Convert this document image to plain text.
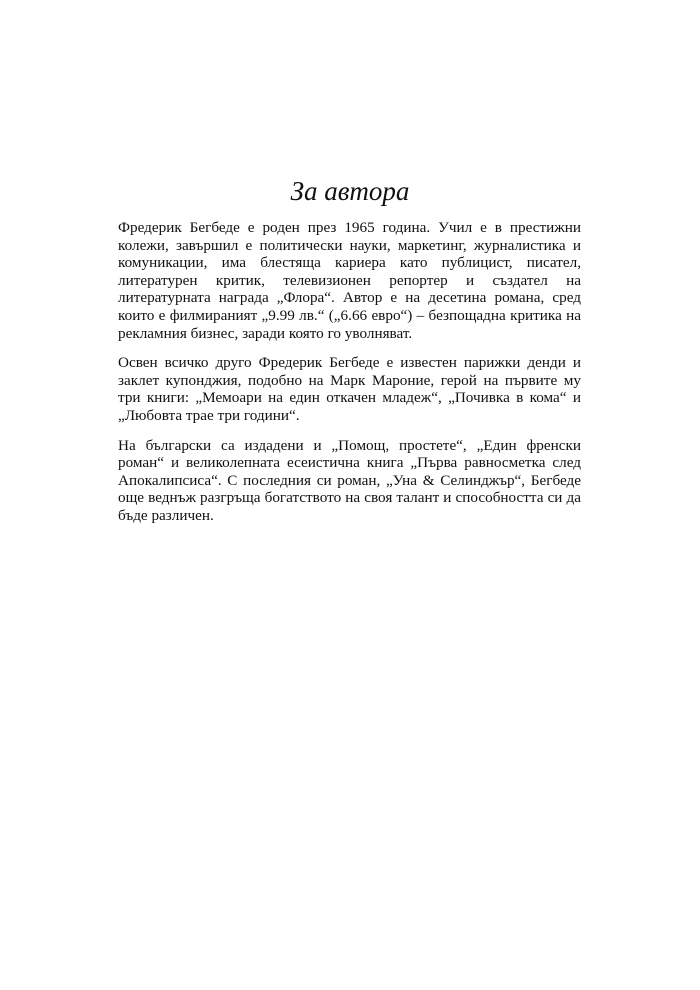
За автора

Фредерик Бегбеде е роден през 1965 година. Учил е в престижни колежи, завършил е политически науки, маркетинг, журналистика и комуникации, има блестяща кариера като публицист, писател, литературен критик, телевизионен репортер и създател на литературната награда „Флора“. Автор е на десетина романа, сред които е филмираният „9.99 лв.“ („6.66 евро“) – безпощадна критика на рекламния бизнес, заради която го уволняват.

Освен всичко друго Фредерик Бегбеде е известен парижки денди и заклет купонджия, подобно на Марк Мароние, герой на първите му три книги: „Мемоари на един откачен младеж“, „Почивка в кома“ и „Любовта трае три години“.

На български са издадени и „Помощ, простете“, „Един френски роман“ и великолепната есеистична книга „Първа равносметка след Апокалипсиса“. С последния си роман, „Уна & Селинджър“, Бегбеде още веднъж разгръща богатството на своя талант и способността си да бъде различен.
